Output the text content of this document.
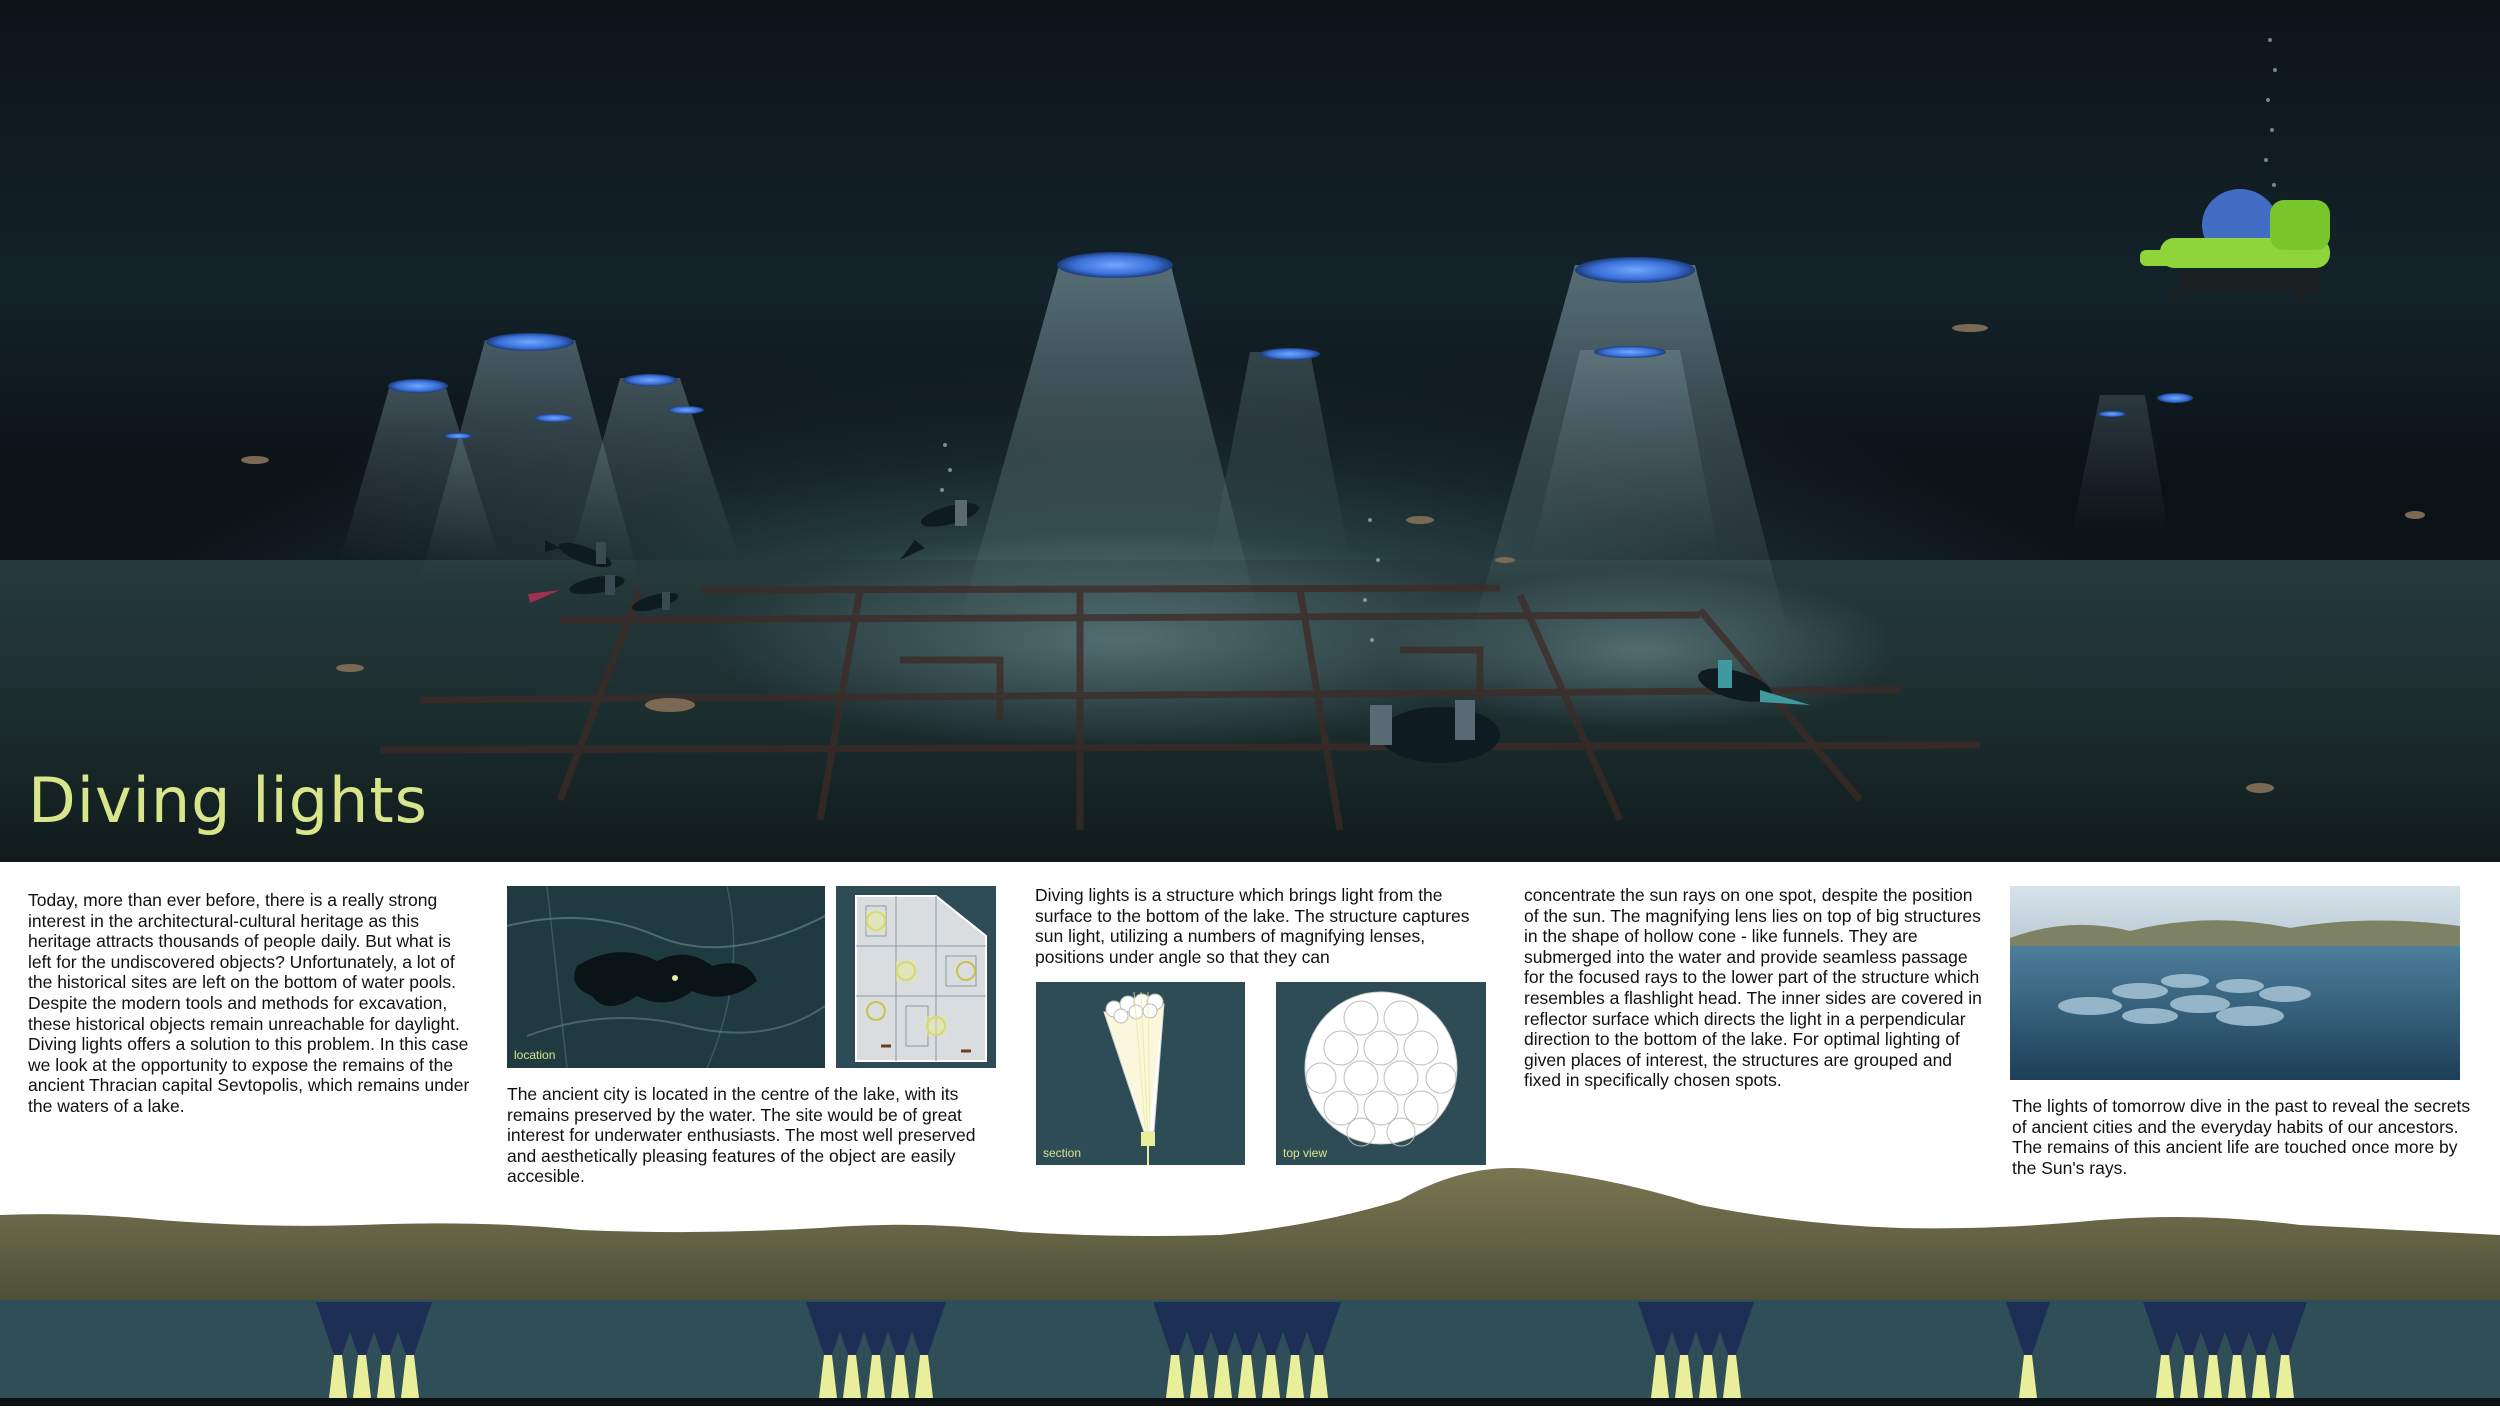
Diving lights
Today, more than ever before, there is a really strong interest in the architectural-cultural heritage as this heritage attracts thousands of people daily. But what is left for the undiscovered objects? Unfortunately, a lot of the historical sites are left on the bottom of water pools. Despite the modern tools and methods for excavation, these historical objects remain unreachable for daylight. Diving lights offers a solution to this problem. In this case we look at the opportunity to expose the remains of the ancient Thracian capital Sevtopolis, which remains under the waters of a lake.
location
The ancient city is located in the centre of the lake, with its remains preserved by the water. The site would be of great interest for underwater enthusiasts. The most well preserved and aesthetically pleasing features of the object are easily accesible.
Diving lights is a structure which brings light from the surface to the bottom of the lake. The structure captures sun light, utilizing a numbers of magnifying lenses, positions under angle so that they can
section	top view
concentrate the sun rays on one spot, despite the position of the sun. The magnifying lens lies on top of big structures in the shape of hollow cone - like funnels. They are submerged into the water and provide seamless passage for the focused rays to the lower part of the structure which resembles a flashlight head. The inner sides are covered in reflector surface which directs the light in a perpendicular direction to the bottom of the lake. For optimal lighting of given places of interest, the structures are grouped and fixed in specifically chosen spots.
The lights of tomorrow dive in the past to reveal the secrets of ancient cities and the everyday habits of our ancestors. The remains of this ancient life are touched once more by the Sun's rays.
